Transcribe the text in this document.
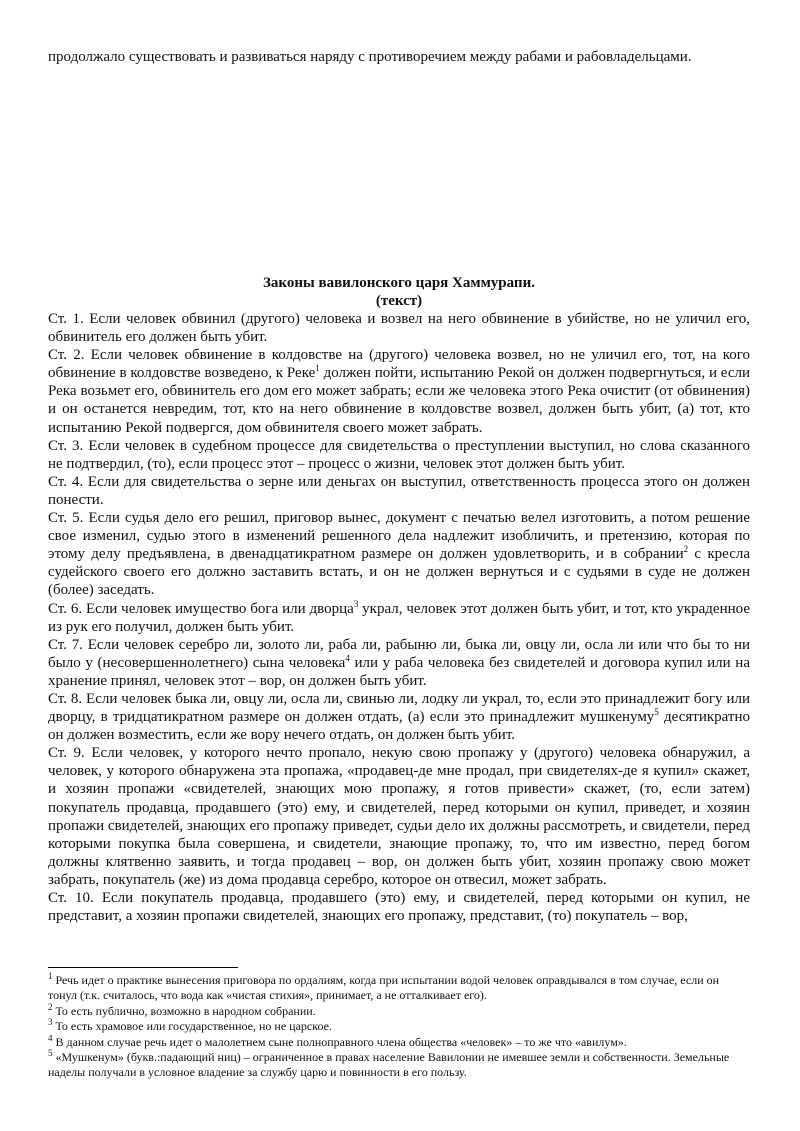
продолжало существовать и развиваться наряду с противоречием между рабами и рабовладельцами.
Законы вавилонского царя Хаммурапи.
(текст)

Ст. 1. Если человек обвинил (другого) человека и возвел на него обвинение в убийстве, но не уличил его, обвинитель его должен быть убит.

Ст. 2. Если человек обвинение в колдовстве на (другого) человека возвел, но не уличил его, тот, на кого обвинение в колдовстве возведено, к Реке$^1$ должен пойти, испытанию Рекой он должен подвергнуться, и если Река возьмет его, обвинитель его дом его может забрать; если же человека этого Река очистит (от обвинения) и он останется невредим, тот, кто на него обвинение в колдовстве возвел, должен быть убит, (а) тот, кто испытанию Рекой подвергся, дом обвинителя своего может забрать.

Ст. 3. Если человек в судебном процессе для свидетельства о преступлении выступил, но слова сказанного не подтвердил, (то), если процесс этот – процесс о жизни, человек этот должен быть убит.

Ст. 4. Если для свидетельства о зерне или деньгах он выступил, ответственность процесса этого он должен понести.

Ст. 5. Если судья дело его решил, приговор вынес, документ с печатью велел изготовить, а потом решение свое изменил, судью этого в изменений решенного дела надлежит изобличить, и претензию, которая по этому делу предъявлена, в двенадцатикратном размере он должен удовлетворить, и в собрании$^2$ с кресла судейского своего его должно заставить встать, и он не должен вернуться и с судьями в суде не должен (более) заседать.

Ст. 6. Если человек имущество бога или дворца$^3$ украл, человек этот должен быть убит, и тот, кто украденное из рук его получил, должен быть убит.

Ст. 7. Если человек серебро ли, золото ли, раба ли, рабыню ли, быка ли, овцу ли, осла ли или что бы то ни было у (несовершеннолетнего) сына человека$^4$ или у раба человека без свидетелей и договора купил или на хранение принял, человек этот – вор, он должен быть убит.

Ст. 8. Если человек быка ли, овцу ли, осла ли, свинью ли, лодку ли украл, то, если это принадлежит богу или дворцу, в тридцатикратном размере он должен отдать, (а) если это принадлежит мушкенуму$^5$ десятикратно он должен возместить, если же вору нечего отдать, он должен быть убит.

Ст. 9. Если человек, у которого нечто пропало, некую свою пропажу у (другого) человека обнаружил, а человек, у которого обнаружена эта пропажа, «продавец-де мне продал, при свидетелях-де я купил» скажет, и хозяин пропажи «свидетелей, знающих мою пропажу, я готов привести» скажет, (то, если затем) покупатель продавца, продавшего (это) ему, и свидетелей, перед которыми он купил, приведет, и хозяин пропажи свидетелей, знающих его пропажу приведет, судьи дело их должны рассмотреть, и свидетели, перед которыми покупка была совершена, и свидетели, знающие пропажу, то, что им известно, перед богом должны клятвенно заявить, и тогда продавец – вор, он должен быть убит, хозяин пропажу свою может забрать, покупатель (же) из дома продавца серебро, которое он отвесил, может забрать.

Ст. 10. Если покупатель продавца, продавшего (это) ему, и свидетелей, перед которыми он купил, не представит, а хозяин пропажи свидетелей, знающих его пропажу, представит, (то) покупатель – вор,

$^1$ Речь идет о практике вынесения приговора по ордалиям, когда при испытании водой человек оправдывался в том случае, если он тонул (т.к. считалось, что вода как «чистая стихия», принимает, а не отталкивает его).

$^2$ То есть публично, возможно в народном собрании.

$^3$ То есть храмовое или государственное, но не царское.

$^4$ В данном случае речь идет о малолетнем сыне полноправного члена общества «человек» – то же что «авилум».

$^5$ «Мушкенум» (букв.:падающий ниц) – ограниченное в правах население Вавилонии не имевшее земли и собственности. Земельные наделы получали в условное владение за службу царю и повинности в его пользу.
